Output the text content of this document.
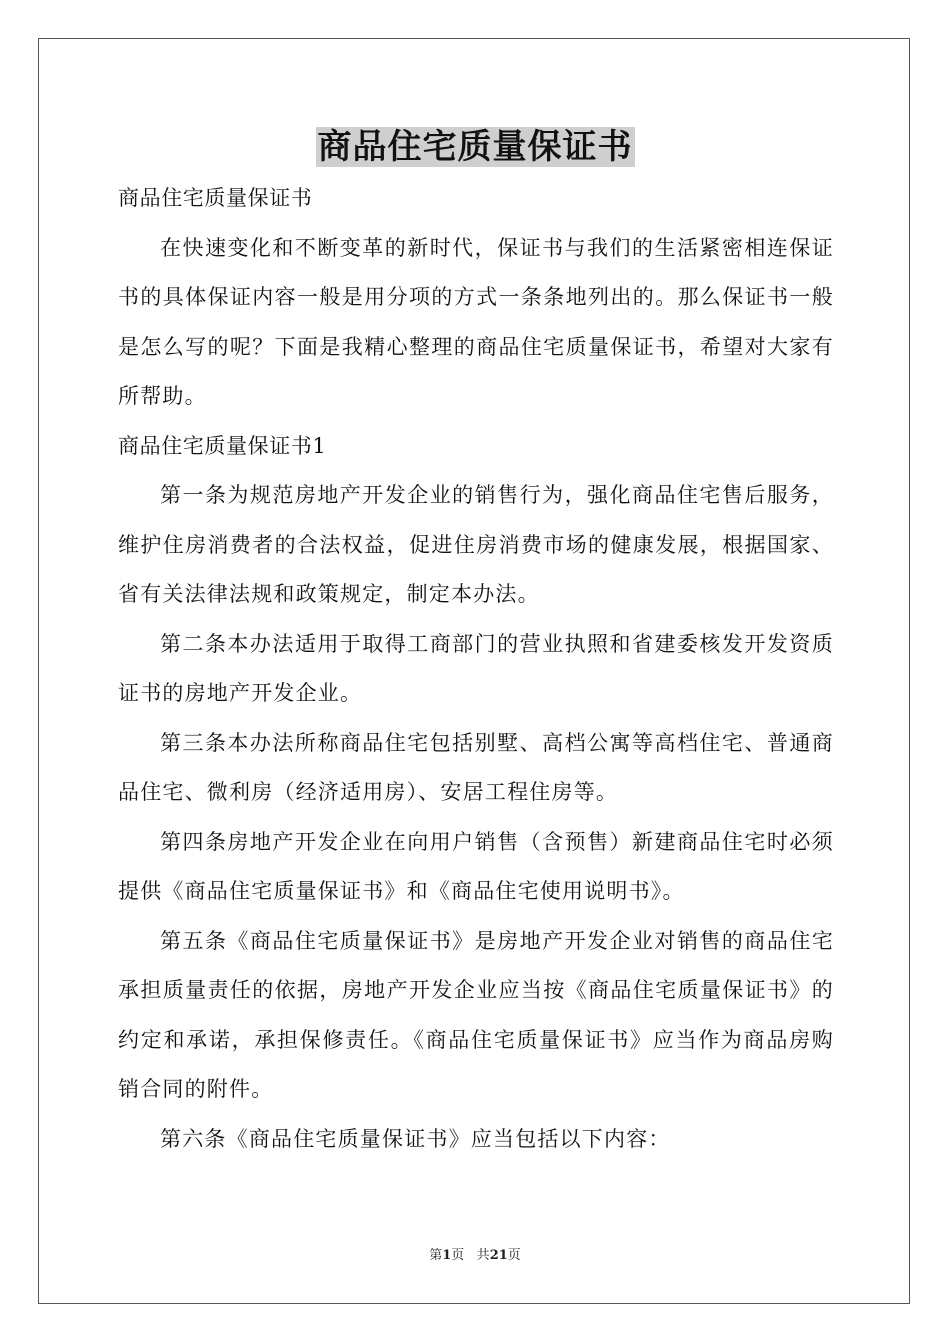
商品住宅质量保证书

商品住宅质量保证书

在快速变化和不断变革的新时代，保证书与我们的生活紧密相连保证书的具体保证内容一般是用分项的方式一条条地列出的。那么保证书一般是怎么写的呢？下面是我精心整理的商品住宅质量保证书，希望对大家有所帮助。

商品住宅质量保证书1

第一条为规范房地产开发企业的销售行为，强化商品住宅售后服务，维护住房消费者的合法权益，促进住房消费市场的健康发展，根据国家、省有关法律法规和政策规定，制定本办法。

第二条本办法适用于取得工商部门的营业执照和省建委核发开发资质证书的房地产开发企业。

第三条本办法所称商品住宅包括别墅、高档公寓等高档住宅、普通商品住宅、微利房（经济适用房）、安居工程住房等。

第四条房地产开发企业在向用户销售（含预售）新建商品住宅时必须提供《商品住宅质量保证书》和《商品住宅使用说明书》。

第五条《商品住宅质量保证书》是房地产开发企业对销售的商品住宅承担质量责任的依据，房地产开发企业应当按《商品住宅质量保证书》的约定和承诺，承担保修责任。《商品住宅质量保证书》应当作为商品房购销合同的附件。

第六条《商品住宅质量保证书》应当包括以下内容：

第1页 共21页
